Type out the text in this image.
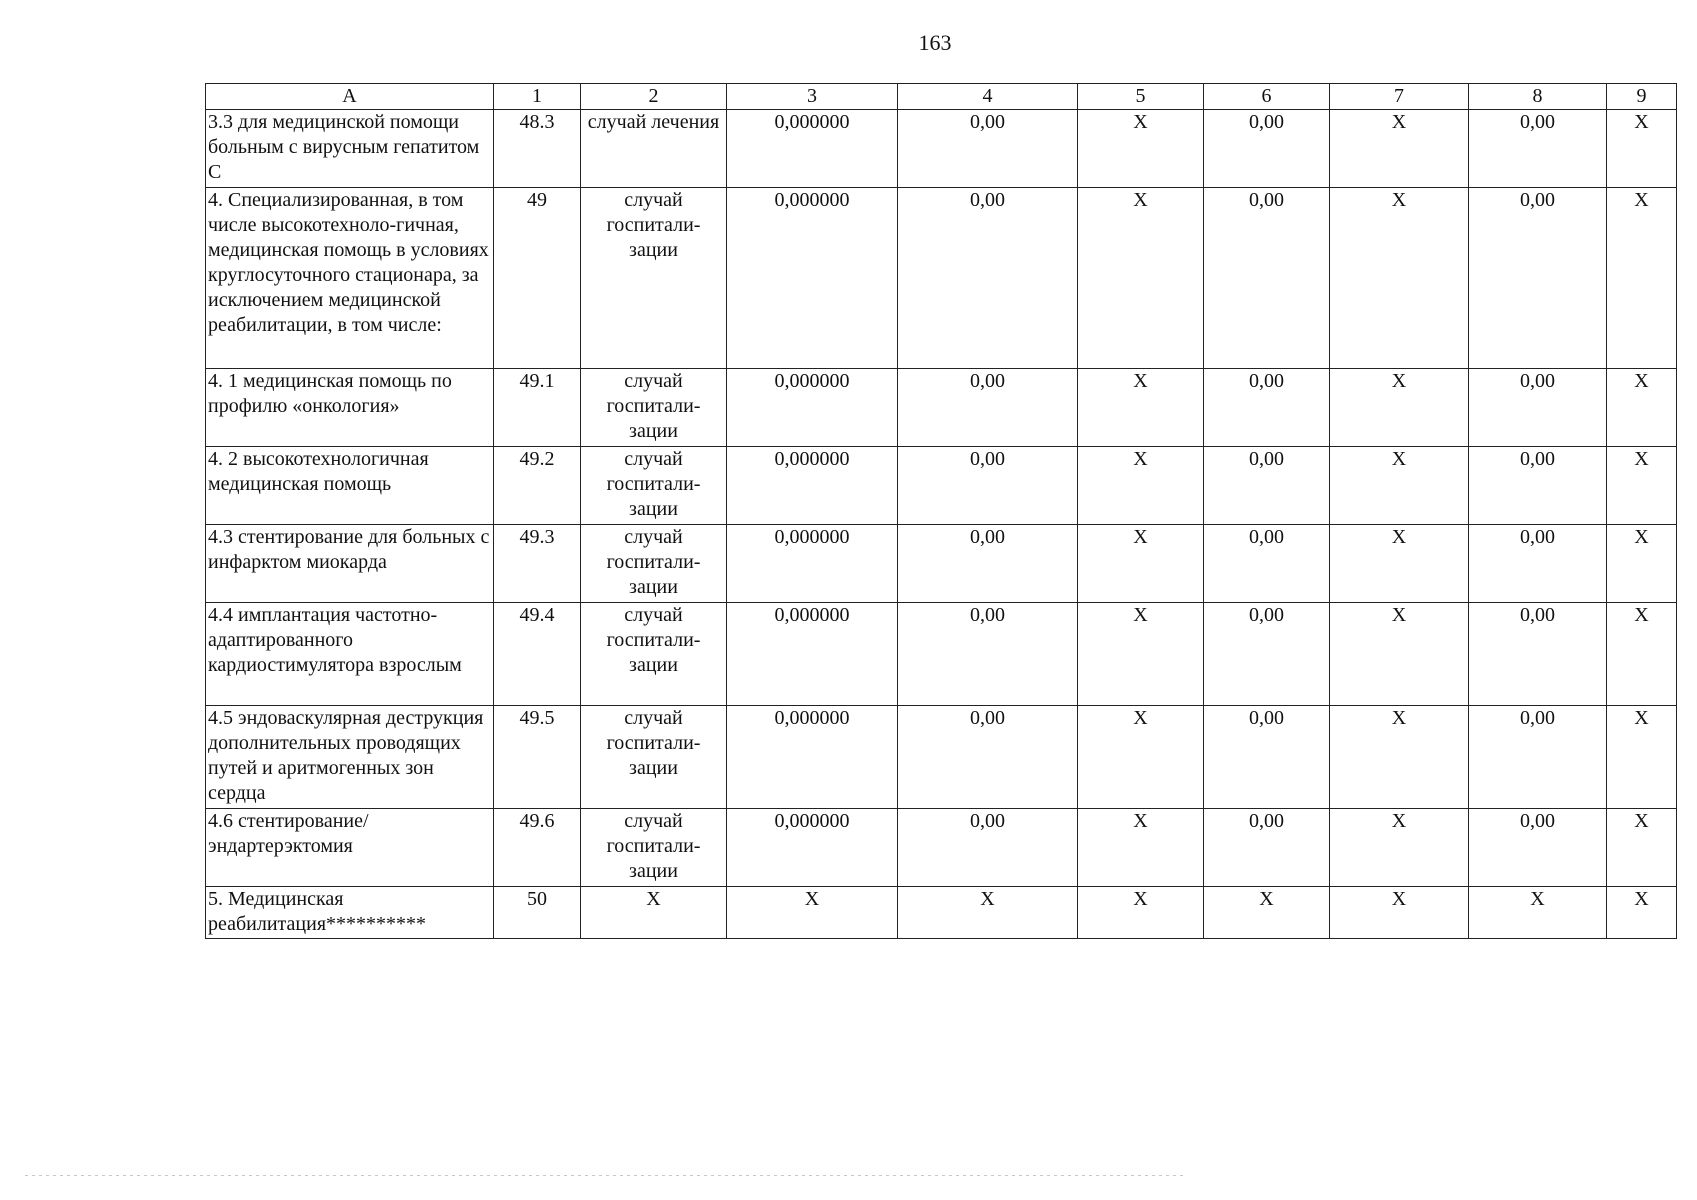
163
A	1	2	3	4	5	6	7	8	9
3.3 для медицинской помощи больным с вирусным гепатитом С	48.3	случай лечения	0,000000	0,00	X	0,00	X	0,00	X
4. Специализированная, в том числе высокотехноло-гичная, медицинская помощь в условиях круглосуточного стационара, за исключением медицинской реабилитации, в том числе:	49	случай госпитали-зации	0,000000	0,00	X	0,00	X	0,00	X
4. 1 медицинская помощь по профилю «онкология»	49.1	случай госпитали-зации	0,000000	0,00	X	0,00	X	0,00	X
4. 2 высокотехнологичная медицинская помощь	49.2	случай госпитали-зации	0,000000	0,00	X	0,00	X	0,00	X
4.3 стентирование для больных с инфарктом миокарда	49.3	случай госпитали-зации	0,000000	0,00	X	0,00	X	0,00	X
4.4 имплантация частотно-адаптированного кардиостимулятора взрослым	49.4	случай госпитали-зации	0,000000	0,00	X	0,00	X	0,00	X
4.5 эндоваскулярная деструкция дополнительных проводящих путей и аритмогенных зон сердца	49.5	случай госпитали-зации	0,000000	0,00	X	0,00	X	0,00	X
4.6 стентирование/ эндартерэктомия	49.6	случай госпитали-зации	0,000000	0,00	X	0,00	X	0,00	X
5. Медицинская реабилитация**********	50	X	X	X	X	X	X	X	X
